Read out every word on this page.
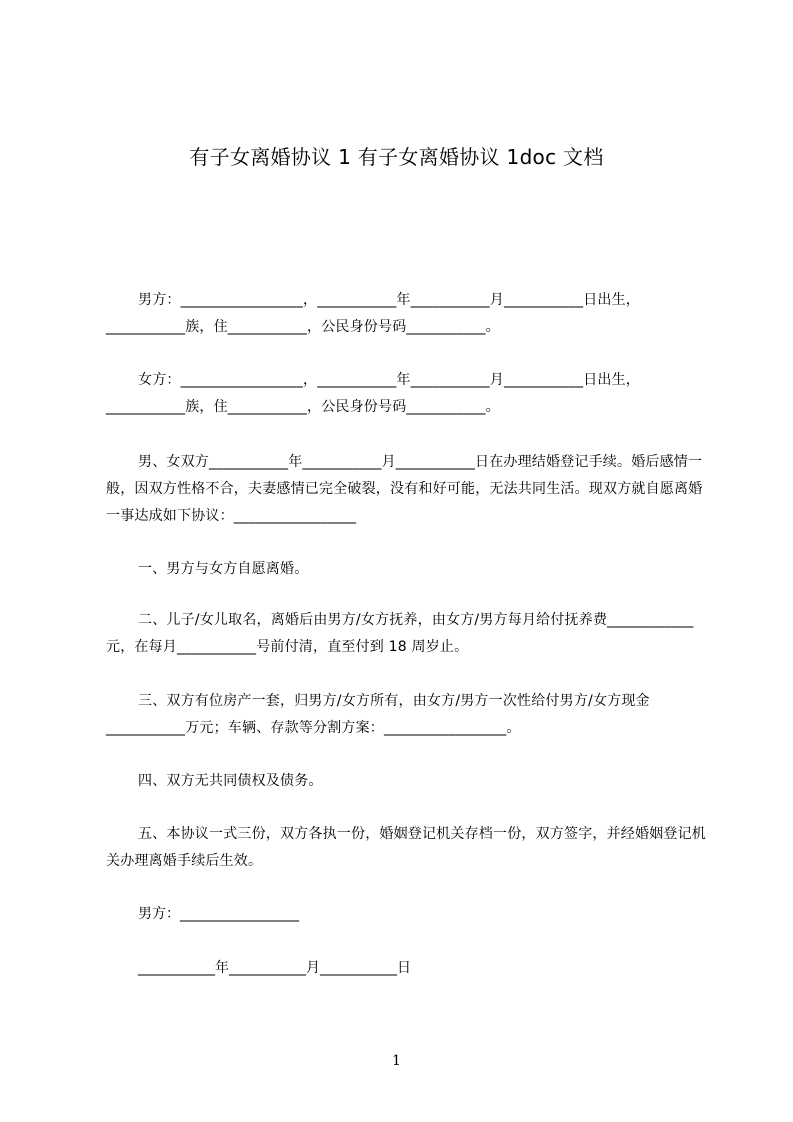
有子女离婚协议 1 有子女离婚协议 1doc 文档
男方：_________________，___________年___________月___________日出生，___________族，住___________，公民身份号码___________。
女方：_________________，___________年___________月___________日出生，___________族，住___________，公民身份号码___________。
男、女双方___________年___________月___________日在办理结婚登记手续。婚后感情一般，因双方性格不合，夫妻感情已完全破裂，没有和好可能，无法共同生活。现双方就自愿离婚一事达成如下协议：_________________
一、男方与女方自愿离婚。
二、儿子/女儿取名，离婚后由男方/女方抚养，由女方/男方每月给付抚养费____________元，在每月___________号前付清，直至付到 18 周岁止。
三、双方有位房产一套，归男方/女方所有，由女方/男方一次性给付男方/女方现金___________万元；车辆、存款等分割方案：_________________。
四、双方无共同债权及债务。
五、本协议一式三份，双方各执一份，婚姻登记机关存档一份，双方签字，并经婚姻登记机关办理离婚手续后生效。
男方：_________________
___________年___________月___________日
1
